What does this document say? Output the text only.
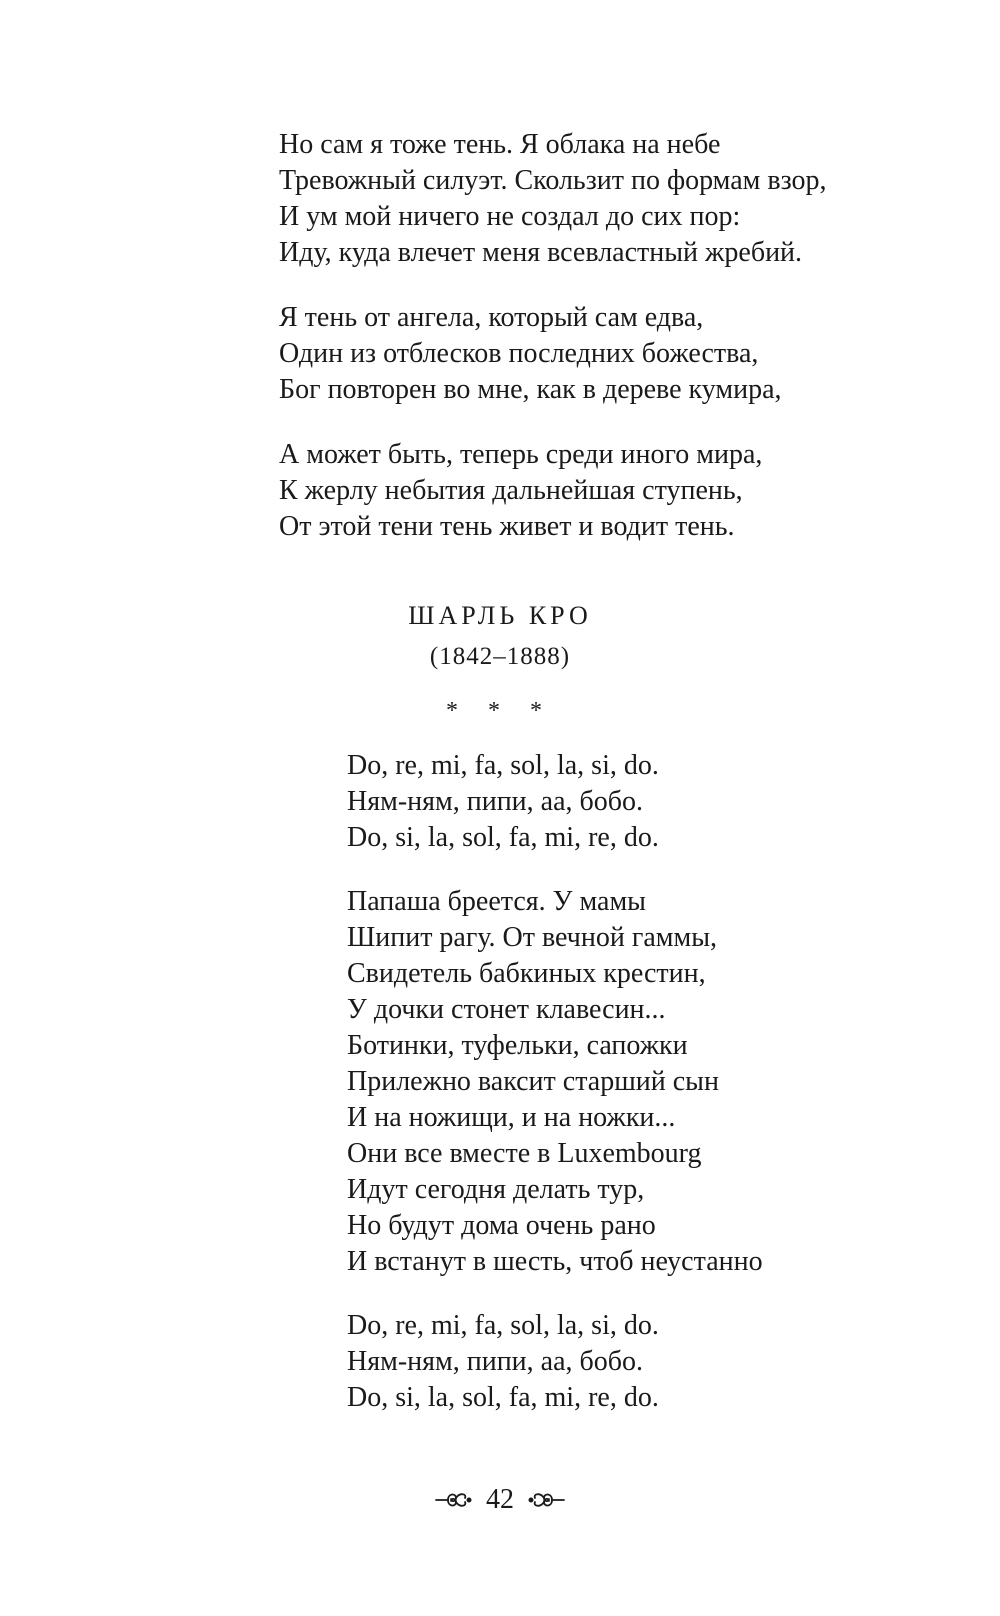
Но сам я тоже тень. Я облака на небе
Тревожный силуэт. Скользит по формам взор,
И ум мой ничего не создал до сих пор:
Иду, куда влечет меня всевластный жребий.
Я тень от ангела, который сам едва,
Один из отблесков последних божества,
Бог повторен во мне, как в дереве кумира,
А может быть, теперь среди иного мира,
К жерлу небытия дальнейшая ступень,
От этой тени тень живет и водит тень.
ШАРЛЬ КРО
(1842–1888)
* * *
Do, re, mi, fa, sol, la, si, do.
Ням-ням, пипи, аа, бобо.
Do, si, la, sol, fa, mi, re, do.
Папаша бреется. У мамы
Шипит рагу. От вечной гаммы,
Свидетель бабкиных крестин,
У дочки стонет клавесин...
Ботинки, туфельки, сапожки
Прилежно ваксит старший сын
И на ножищи, и на ножки...
Они все вместе в Luxembourg
Идут сегодня делать тур,
Но будут дома очень рано
И встанут в шесть, чтоб неустанно
Do, re, mi, fa, sol, la, si, do.
Ням-ням, пипи, аа, бобо.
Do, si, la, sol, fa, mi, re, do.
42
